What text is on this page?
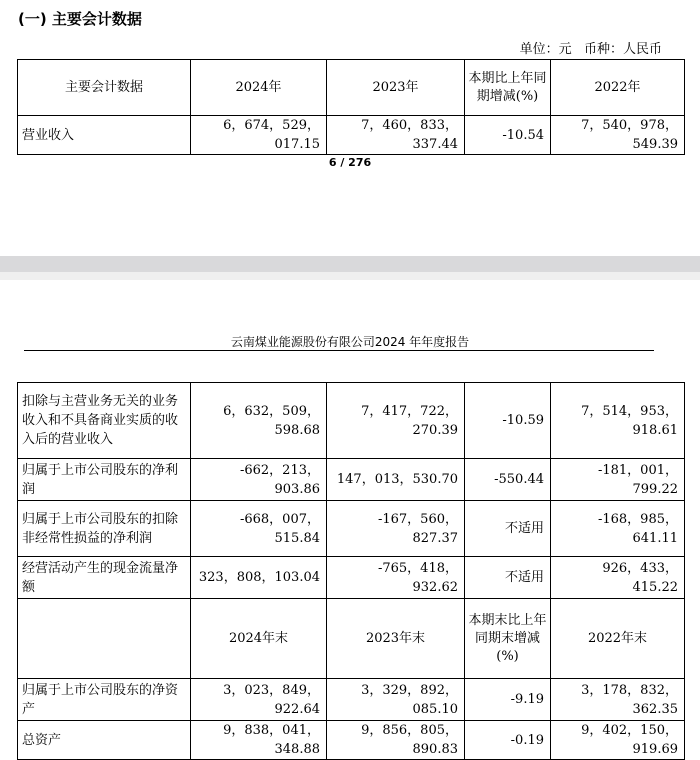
(一) 主要会计数据
单位：元   币种：人民币
主要会计数据	2024年	2023年	本期比上年同期增减(%)	2022年
营业收入	6，674，529，017.15	7，460，833，337.44	-10.54	7，540，978，549.39
6 / 276
云南煤业能源股份有限公司2024 年年度报告
扣除与主营业务无关的业务收入和不具备商业实质的收入后的营业收入	6，632，509，598.68	7，417，722，270.39	-10.59	7，514，953，918.61
归属于上市公司股东的净利润	-662，213，903.86	147，013，530.70	-550.44	-181，001，799.22
归属于上市公司股东的扣除非经常性损益的净利润	-668，007，515.84	-167，560，827.37	不适用	-168，985，641.11
经营活动产生的现金流量净额	323，808，103.04	-765，418，932.62	不适用	926，433，415.22
	2024年末	2023年末	本期末比上年同期末增减(%)	2022年末
归属于上市公司股东的净资产	3，023，849，922.64	3，329，892，085.10	-9.19	3，178，832，362.35
总资产	9，838，041，348.88	9，856，805，890.83	-0.19	9，402，150，919.69
